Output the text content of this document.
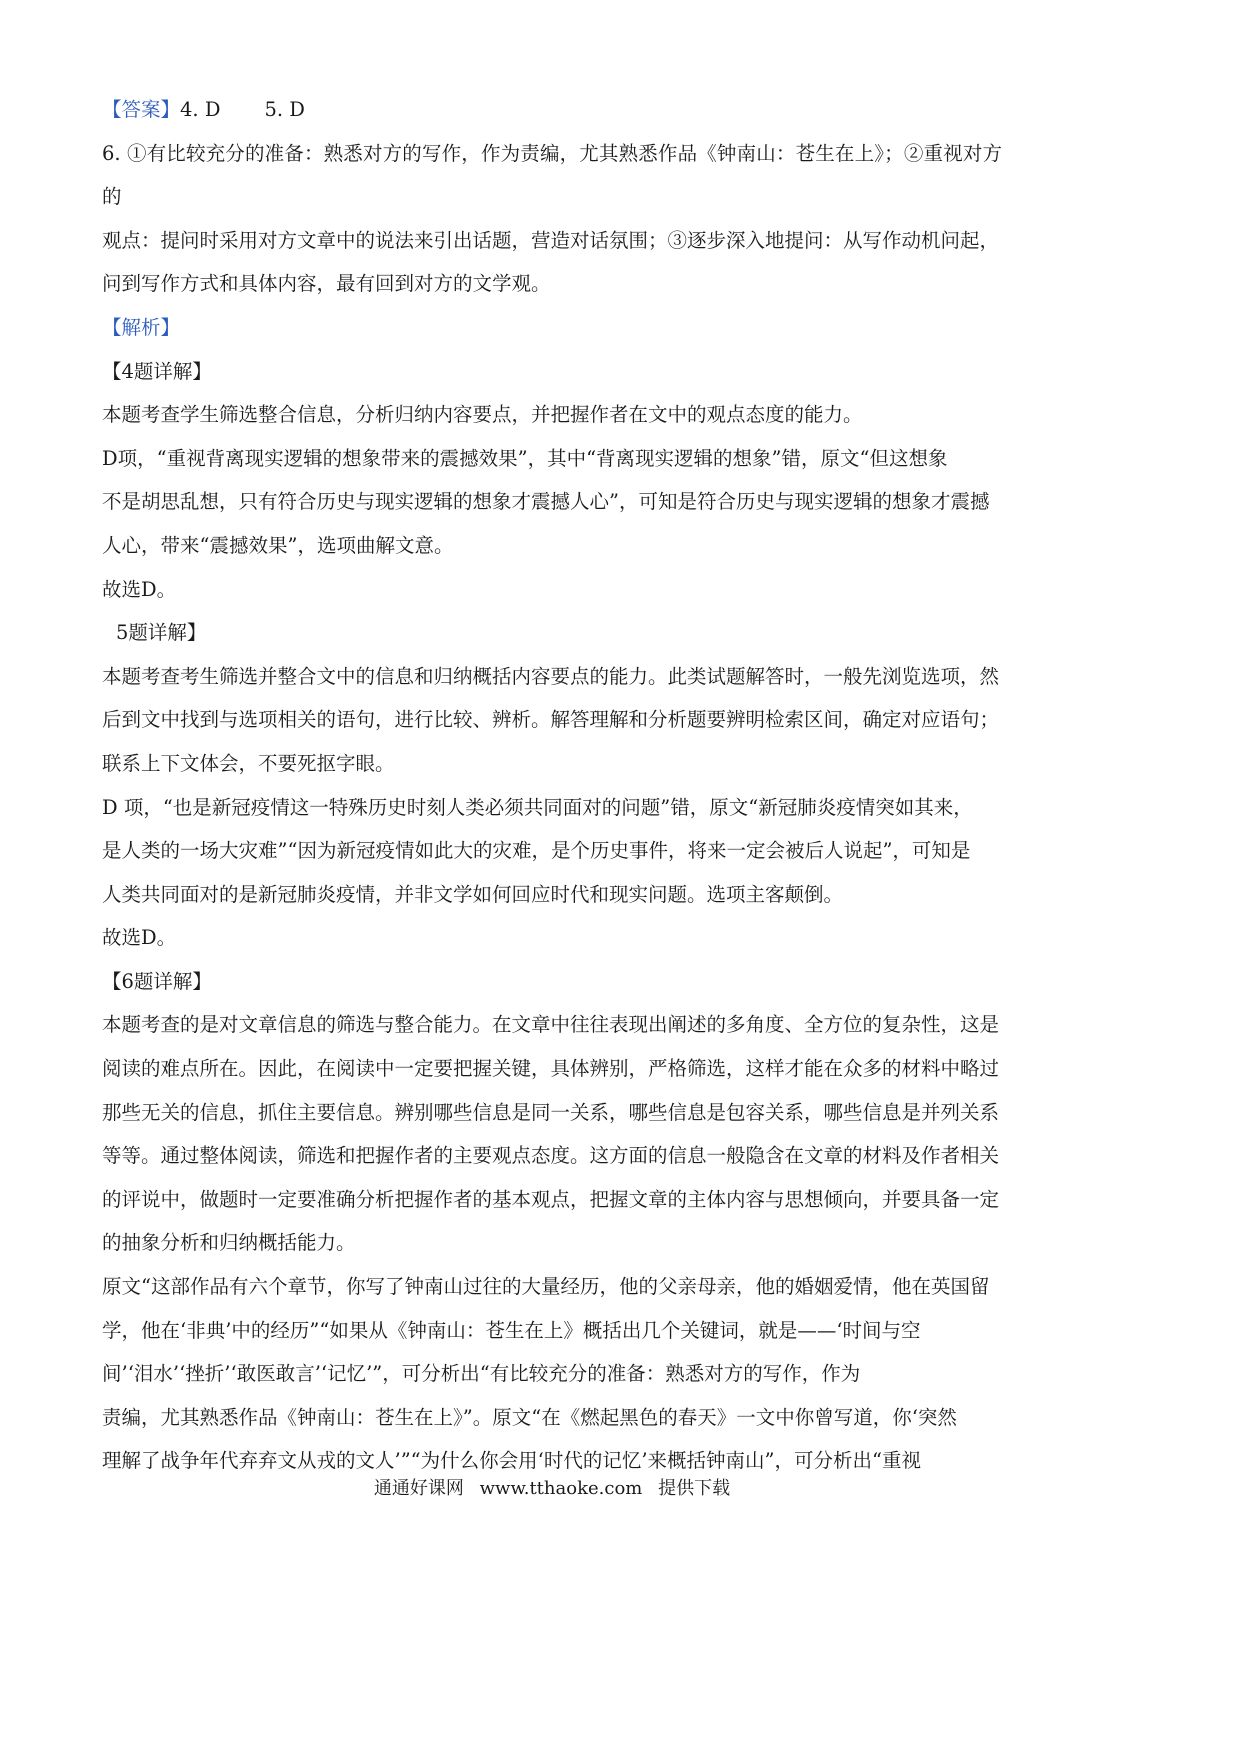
【答案】4. D 5. D

6. ①有比较充分的准备：熟悉对方的写作，作为责编，尤其熟悉作品《钟南山：苍生在上》；②重视对方的

观点：提问时采用对方文章中的说法来引出话题，营造对话氛围；③逐步深入地提问：从写作动机问起，

问到写作方式和具体内容，最有回到对方的文学观。

【解析】

【4题详解】

本题考查学生筛选整合信息，分析归纳内容要点，并把握作者在文中的观点态度的能力。

D项，“重视背离现实逻辑的想象带来的震撼效果”，其中“背离现实逻辑的想象”错，原文“但这想象

不是胡思乱想，只有符合历史与现实逻辑的想象才震撼人心”，可知是符合历史与现实逻辑的想象才震撼

人心，带来“震撼效果”，选项曲解文意。

故选D。

5题详解】

本题考查考生筛选并整合文中的信息和归纳概括内容要点的能力。此类试题解答时，一般先浏览选项，然

后到文中找到与选项相关的语句，进行比较、辨析。解答理解和分析题要辨明检索区间，确定对应语句；

联系上下文体会，不要死抠字眼。

D 项，“也是新冠疫情这一特殊历史时刻人类必须共同面对的问题”错，原文“新冠肺炎疫情突如其来，

是人类的一场大灾难”“因为新冠疫情如此大的灾难，是个历史事件，将来一定会被后人说起”，可知是

人类共同面对的是新冠肺炎疫情，并非文学如何回应时代和现实问题。选项主客颠倒。

故选D。

【6题详解】

本题考查的是对文章信息的筛选与整合能力。在文章中往往表现出阐述的多角度、全方位的复杂性，这是

阅读的难点所在。因此，在阅读中一定要把握关键，具体辨别，严格筛选，这样才能在众多的材料中略过

那些无关的信息，抓住主要信息。辨别哪些信息是同一关系，哪些信息是包容关系，哪些信息是并列关系

等等。通过整体阅读，筛选和把握作者的主要观点态度。这方面的信息一般隐含在文章的材料及作者相关

的评说中，做题时一定要准确分析把握作者的基本观点，把握文章的主体内容与思想倾向，并要具备一定

的抽象分析和归纳概括能力。

原文“这部作品有六个章节，你写了钟南山过往的大量经历，他的父亲母亲，他的婚姻爱情，他在英国留

学，他在‘非典’中的经历”“如果从《钟南山：苍生在上》概括出几个关键词，就是——‘时间与空

间’‘泪水’‘挫折’‘敢医敢言’‘记忆’”，可分析出“有比较充分的准备：熟悉对方的写作，作为

责编，尤其熟悉作品《钟南山：苍生在上》”。原文“在《燃起黑色的春天》一文中你曾写道，你‘突然

理解了战争年代弃弃文从戎的文人’”“为什么你会用‘时代的记忆’来概括钟南山”，可分析出“重视

通通好课网 www.tthaoke.com 提供下载
